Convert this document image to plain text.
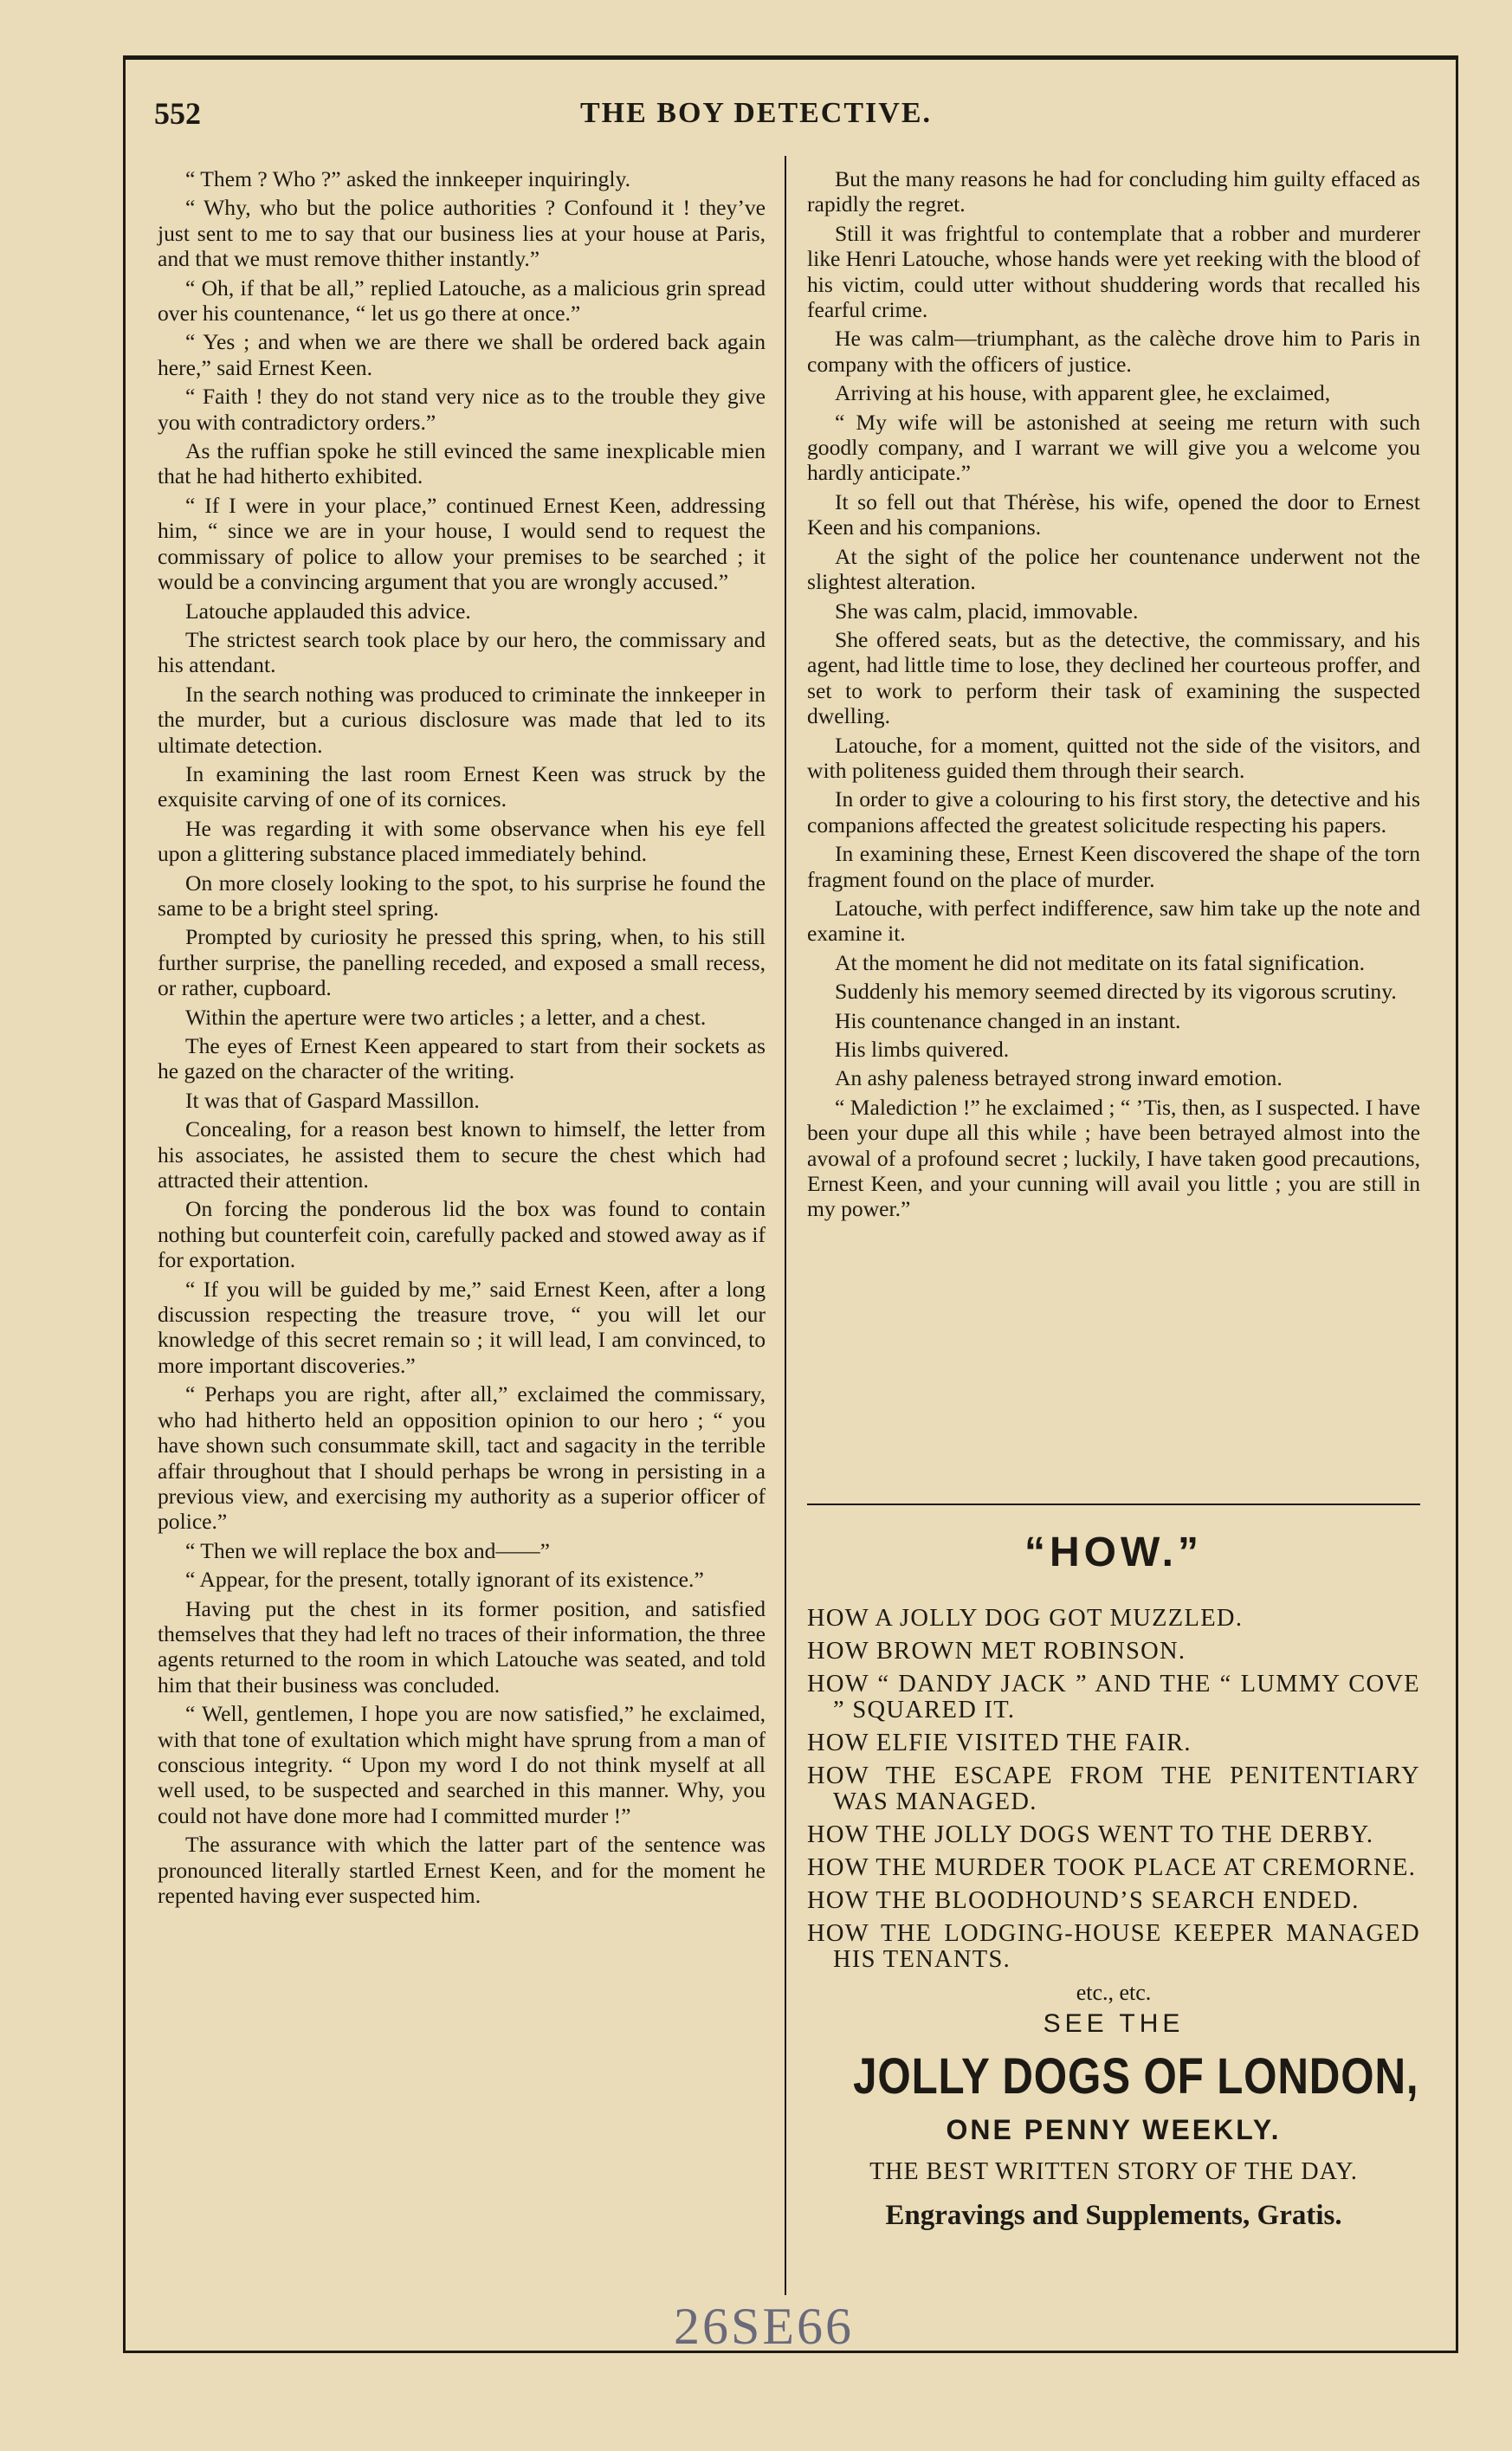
552	THE BOY DETECTIVE.

“ Them ? Who ?” asked the innkeeper inquiringly.

“ Why, who but the police authorities ? Confound it ! they’ve just sent to me to say that our business lies at your house at Paris, and that we must remove thither instantly.”

“ Oh, if that be all,” replied Latouche, as a malicious grin spread over his countenance, “ let us go there at once.”

“ Yes ; and when we are there we shall be ordered back again here,” said Ernest Keen.

“ Faith ! they do not stand very nice as to the trouble they give you with contradictory orders.”

As the ruffian spoke he still evinced the same inexplicable mien that he had hitherto exhibited.

“ If I were in your place,” continued Ernest Keen, addressing him, “ since we are in your house, I would send to request the commissary of police to allow your premises to be searched ; it would be a convincing argument that you are wrongly accused.”

Latouche applauded this advice.

The strictest search took place by our hero, the commissary and his attendant.

In the search nothing was produced to criminate the innkeeper in the murder, but a curious disclosure was made that led to its ultimate detection.

In examining the last room Ernest Keen was struck by the exquisite carving of one of its cornices.

He was regarding it with some observance when his eye fell upon a glittering substance placed immediately behind.

On more closely looking to the spot, to his surprise he found the same to be a bright steel spring.

Prompted by curiosity he pressed this spring, when, to his still further surprise, the panelling receded, and exposed a small recess, or rather, cupboard.

Within the aperture were two articles ; a letter, and a chest.

The eyes of Ernest Keen appeared to start from their sockets as he gazed on the character of the writing.

It was that of Gaspard Massillon.

Concealing, for a reason best known to himself, the letter from his associates, he assisted them to secure the chest which had attracted their attention.

On forcing the ponderous lid the box was found to contain nothing but counterfeit coin, carefully packed and stowed away as if for exportation.

“ If you will be guided by me,” said Ernest Keen, after a long discussion respecting the treasure trove, “ you will let our knowledge of this secret remain so ; it will lead, I am convinced, to more important discoveries.”

“ Perhaps you are right, after all,” exclaimed the commissary, who had hitherto held an opposition opinion to our hero ; “ you have shown such consummate skill, tact and sagacity in the terrible affair throughout that I should perhaps be wrong in persisting in a previous view, and exercising my authority as a superior officer of police.”

“ Then we will replace the box and——”

“ Appear, for the present, totally ignorant of its existence.”

Having put the chest in its former position, and satisfied themselves that they had left no traces of their information, the three agents returned to the room in which Latouche was seated, and told him that their business was concluded.

“ Well, gentlemen, I hope you are now satisfied,” he exclaimed, with that tone of exultation which might have sprung from a man of conscious integrity. “ Upon my word I do not think myself at all well used, to be suspected and searched in this manner. Why, you could not have done more had I committed murder !”

The assurance with which the latter part of the sentence was pronounced literally startled Ernest Keen, and for the moment he repented having ever suspected him.

But the many reasons he had for concluding him guilty effaced as rapidly the regret.

Still it was frightful to contemplate that a robber and murderer like Henri Latouche, whose hands were yet reeking with the blood of his victim, could utter without shuddering words that recalled his fearful crime.

He was calm—triumphant, as the calèche drove him to Paris in company with the officers of justice.

Arriving at his house, with apparent glee, he exclaimed,

“ My wife will be astonished at seeing me return with such goodly company, and I warrant we will give you a welcome you hardly anticipate.”

It so fell out that Thérèse, his wife, opened the door to Ernest Keen and his companions.

At the sight of the police her countenance underwent not the slightest alteration.

She was calm, placid, immovable.

She offered seats, but as the detective, the commissary, and his agent, had little time to lose, they declined her courteous proffer, and set to work to perform their task of examining the suspected dwelling.

Latouche, for a moment, quitted not the side of the visitors, and with politeness guided them through their search.

In order to give a colouring to his first story, the detective and his companions affected the greatest solicitude respecting his papers.

In examining these, Ernest Keen discovered the shape of the torn fragment found on the place of murder.

Latouche, with perfect indifference, saw him take up the note and examine it.

At the moment he did not meditate on its fatal signification.

Suddenly his memory seemed directed by its vigorous scrutiny.

His countenance changed in an instant.

His limbs quivered.

An ashy paleness betrayed strong inward emotion.

“ Malediction !” he exclaimed ; “ ’Tis, then, as I suspected. I have been your dupe all this while ; have been betrayed almost into the avowal of a profound secret ; luckily, I have taken good precautions, Ernest Keen, and your cunning will avail you little ; you are still in my power.”

“HOW.”
HOW A JOLLY DOG GOT MUZZLED.
HOW BROWN MET ROBINSON.
HOW “ DANDY JACK ” AND THE “ LUMMY COVE ” SQUARED IT.
HOW ELFIE VISITED THE FAIR.
HOW THE ESCAPE FROM THE PENITENTIARY WAS MANAGED.
HOW THE JOLLY DOGS WENT TO THE DERBY.
HOW THE MURDER TOOK PLACE AT CREMORNE.
HOW THE BLOODHOUND’S SEARCH ENDED.
HOW THE LODGING-HOUSE KEEPER MANAGED HIS TENANTS.
etc., etc.
SEE THE
JOLLY DOGS OF LONDON,
ONE PENNY WEEKLY.
THE BEST WRITTEN STORY OF THE DAY.
Engravings and Supplements, Gratis.
26SE66
